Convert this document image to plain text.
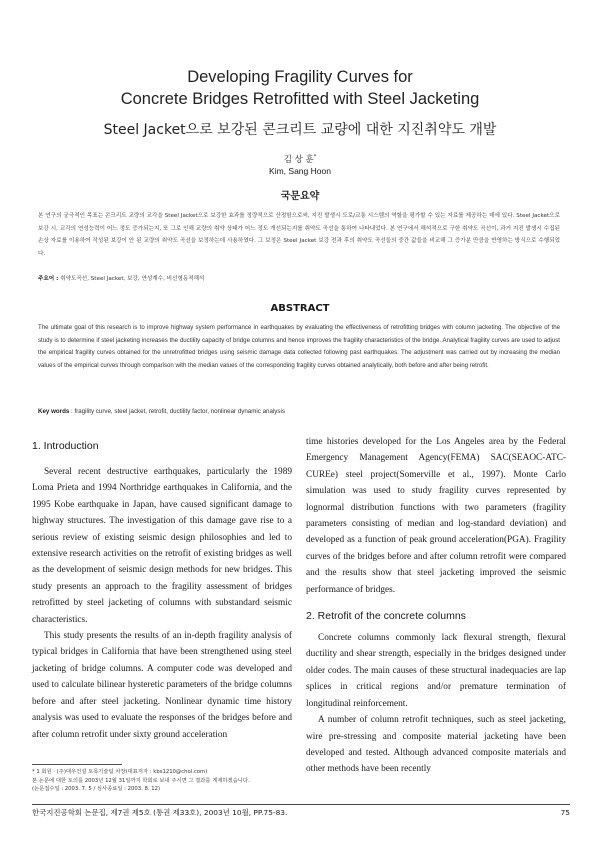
Developing Fragility Curves for
Concrete Bridges Retrofitted with Steel Jacketing
Steel Jacket으로 보강된 콘크리트 교량에 대한 지진취약도 개발
김 상 훈*
Kim, Sang Hoon
국문요약
본 연구의 궁극적인 목표는 콘크리트 교량의 교각을 Steel Jacket으로 보강한 효과를 정량적으로 산정함으로써, 지진 발생시 도로/교통 시스템의 역할을 평가할 수 있는 자료를 제공하는 데에 있다. Steel Jacket으로 보강 시, 교각의 연성능력이 어느 정도 증가되는지, 또 그로 인해 교량의 취약 상태가 어느 정도 개선되는지를 취약도 곡선을 통하여 나타내었다. 본 연구에서 해석적으로 구한 취약도 곡선이, 과거 지진 발생시 수집된 손상 자료를 이용하여 작성된 보강이 안 된 교량의 취약도 곡선을 보정하는데 사용하였다. 그 보정은 Steel Jacket 보강 전과 후의 취약도 곡선들의 중간 값들을 비교해 그 증가분 만큼을 반영하는 방식으로 수행되었다.
주요어 : 취약도곡선, Steel Jacket, 보강, 연성계수, 비선형동적해석
ABSTRACT
The ultimate goal of this research is to improve highway system performance in earthquakes by evaluating the effectiveness of retrofitting bridges with column jacketing. The objective of the study is to determine if steel jacketing increases the ductility capacity of bridge columns and hence improves the fragility characteristics of the bridge. Analytical fragility curves are used to adjust the empirical fragility curves obtained for the unretrofitted bridges using seismic damage data collected following past earthquakes. The adjustment was carried out by increasing the median values of the empirical curves through comparison with the median values of the corresponding fragility curves obtained analytically, both before and after being retrofit.
Key words : fragility curve, steel jacket, retrofit, ductility factor, nonlinear dynamic analysis
1. Introduction

Several recent destructive earthquakes, particularly the 1989 Loma Prieta and 1994 Northridge earthquakes in California, and the 1995 Kobe earthquake in Japan, have caused significant damage to highway structures. The investigation of this damage gave rise to a serious review of existing seismic design philosophies and led to extensive research activities on the retrofit of existing bridges as well as the development of seismic design methods for new bridges. This study presents an approach to the fragility assessment of bridges retrofitted by steel jacketing of columns with substandard seismic characteristics.

This study presents the results of an in-depth fragility analysis of typical bridges in California that have been strengthened using steel jacketing of bridge columns. A computer code was developed and used to calculate bilinear hysteretic parameters of the bridge columns before and after steel jacketing. Nonlinear dynamic time history analysis was used to evaluate the responses of the bridges before and after column retrofit under sixty ground acceleration

time histories developed for the Los Angeles area by the Federal Emergency Management Agency(FEMA) SAC(SEAOC-ATC-CUREe) steel project(Somerville et al., 1997). Monte Carlo simulation was used to study fragility curves represented by lognormal distribution functions with two parameters (fragility parameters consisting of median and log-standard deviation) and developed as a function of peak ground acceleration(PGA). Fragility curves of the bridges before and after column retrofit were compared and the results show that steel jacketing improved the seismic performance of bridges.

2. Retrofit of the concrete columns

Concrete columns commonly lack flexural strength, flexural ductility and shear strength, especially in the bridges designed under older codes. The main causes of these structural inadequacies are lap splices in critical regions and/or premature termination of longitudinal reinforcement.

A number of column retrofit techniques, such as steel jacketing, wire pre-stressing and composite material jacketing have been developed and tested. Although advanced composite materials and other methods have been recently

* 1 회원 · (주)대우건설 토목기술팀 차장(대표저자 : kbs1210@chol.com)
본 논문에 대한 토의를 2003년 12월 31일까지 학회로 보내 주시면 그 결과를 게재하겠습니다.
(논문접수일 : 2003. 7. 5 / 심사종료일 : 2003. 8. 12)
한국지진공학회 논문집, 제7권 제5호 (통권 제33호), 2003년 10월, PP.75-83.	75
